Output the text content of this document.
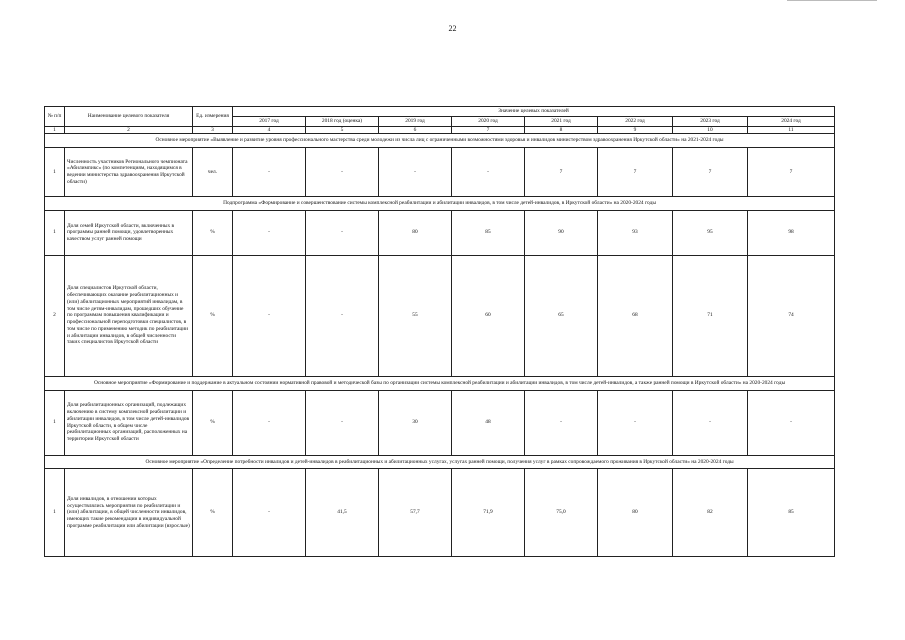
22
№ п/п	Наименование целевого показателя	Ед. измерения	Значение целевых показателей							
			2017 год	2018 год (оценка)	2019 год	2020 год	2021 год	2022 год	2023 год	2024 год
1	2	3	4	5	6	7	8	9	10	11
Основное мероприятие «Выявление и развитие уровня профессионального мастерства среди молодежи из числа лиц с ограниченными возможностями здоровья и инвалидов министерством здравоохранения Иркутской области» на 2021-2024 годы										
1	Численность участников Регионального чемпионата «Абилимпикс» (по компетенциям, находящимся в ведении министерства здравоохранения Иркутской области)	чел.	-	-	-	-	7	7	7	7
Подпрограмма «Формирование и совершенствование системы комплексной реабилитации и абилитации инвалидов, в том числе детей-инвалидов, в Иркутской области» на 2020-2024 годы										
1	Доля семей Иркутской области, включенных в программы ранней помощи, удовлетворенных качеством услуг ранней помощи	%	-	-	80	85	90	93	95	98
2	Доля специалистов Иркутской области, обеспечивающих оказание реабилитационных и (или) абилитационных мероприятий инвалидам, в том числе детям-инвалидам, прошедших обучение по программам повышения квалификации и профессиональной переподготовки специалистов, в том числе по применению методик по реабилитации и абилитации инвалидов, в общей численности таких специалистов Иркутской области	%	-	-	55	60	65	68	71	74
Основное мероприятие «Формирование и поддержание в актуальном состоянии нормативной правовой и методической базы по организации системы комплексной реабилитации и абилитации инвалидов, в том числе детей-инвалидов, а также ранней помощи в Иркутской области» на 2020-2024 годы										
1	Доля реабилитационных организаций, подлежащих включению в систему комплексной реабилитации и абилитации инвалидов, в том числе детей-инвалидов Иркутской области, в общем числе реабилитационных организаций, расположенных на территории Иркутской области	%	-	-	30	48	-	-	-	-
Основное мероприятие «Определение потребности инвалидов и детей-инвалидов в реабилитационных и абилитационных услугах, услугах ранней помощи, получения услуг в рамках сопровождаемого проживания в Иркутской области» на 2020-2024 годы										
1	Доля инвалидов, в отношении которых осуществлялись мероприятия по реабилитации и (или) абилитации, в общей численности инвалидов, имеющих такие рекомендации в индивидуальной программе реабилитации или абилитации (взрослые)	%	-	41,5	57,7	71,9	75,0	80	82	85
